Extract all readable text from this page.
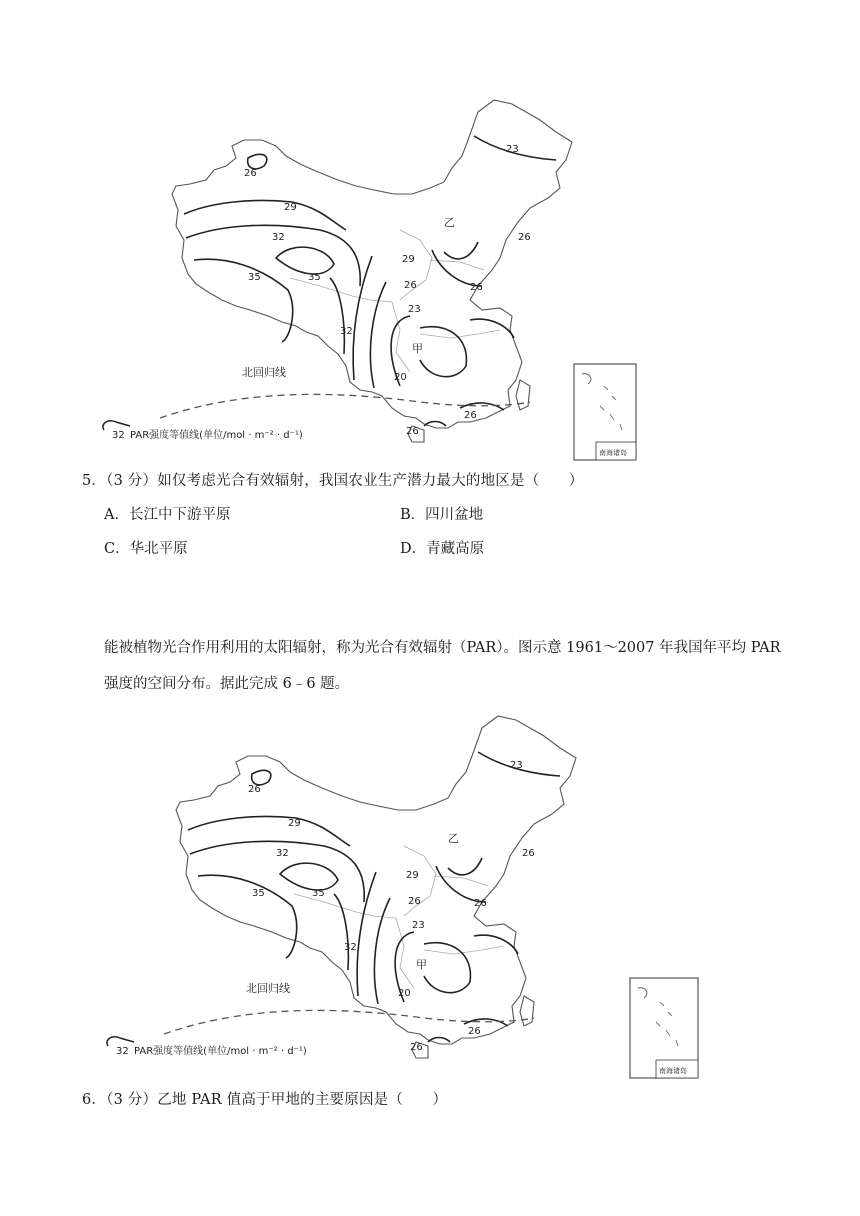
23
26
29
32
35	35
29
26	26
23
32
20
26
26
26
乙
甲
北回归线
32 PAR强度等值线(单位/mol · m⁻² · d⁻¹)
南海诸岛
5．（3 分）如仅考虑光合有效辐射，我国农业生产潜力最大的地区是（　　）
A．长江中下游平原	B．四川盆地
C．华北平原	D．青藏高原
能被植物光合作用利用的太阳辐射，称为光合有效辐射（PAR）。图示意 1961～2007 年我国年平均 PAR
强度的空间分布。据此完成 6﹣6 题。
23
26
29
32
35	35
29
26	26
23
32
20
26
26
26
乙
甲
北回归线
32 PAR强度等值线(单位/mol · m⁻² · d⁻¹)
南海诸岛
6．（3 分）乙地 PAR 值高于甲地的主要原因是（　　）
